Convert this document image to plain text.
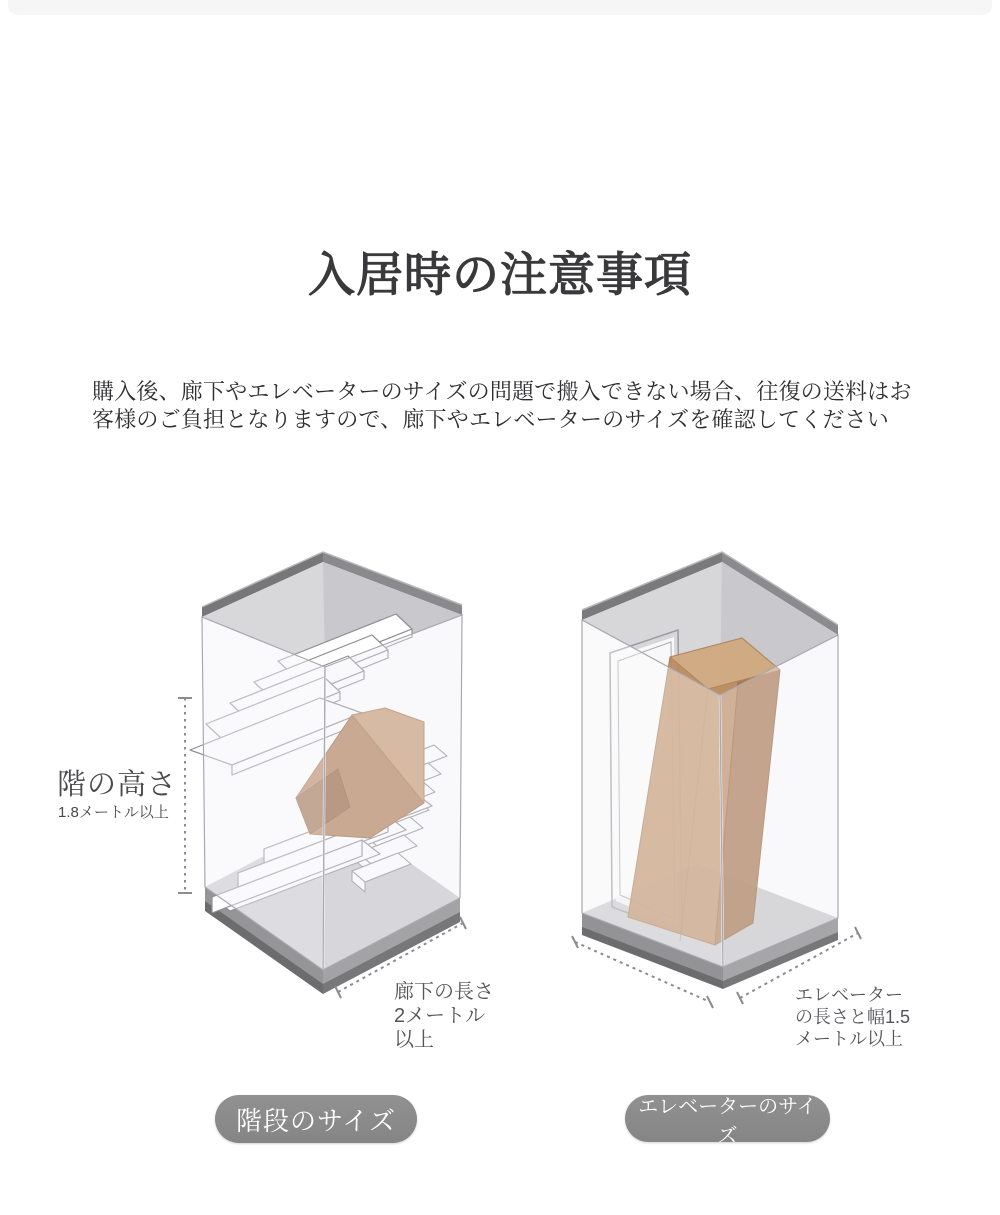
入居時の注意事項
購入後、廊下やエレベーターのサイズの問題で搬入できない場合、往復の送料はお
客様のご負担となりますので、廊下やエレベーターのサイズを確認してください
階の高さ
1.8メートル以上
廊下の長さ
2メートル
以上
エレベーター
の長さと幅1.5
メートル以上
階段のサイズ	エレベーターのサイズ
